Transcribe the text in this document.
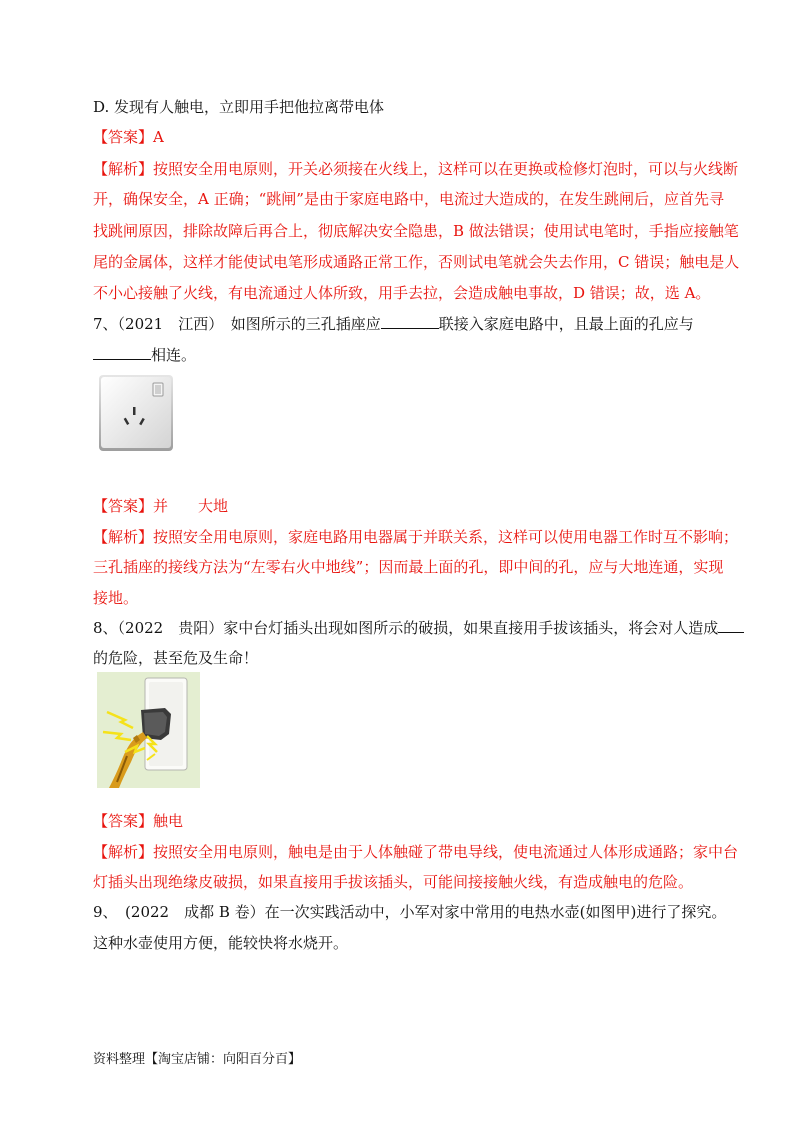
D. 发现有人触电，立即用手把他拉离带电体
【答案】A
【解析】按照安全用电原则，开关必须接在火线上，这样可以在更换或检修灯泡时，可以与火线断
开，确保安全，A 正确；“跳闸”是由于家庭电路中，电流过大造成的，在发生跳闸后，应首先寻
找跳闸原因，排除故障后再合上，彻底解决安全隐患，B 做法错误；使用试电笔时，手指应接触笔
尾的金属体，这样才能使试电笔形成通路正常工作，否则试电笔就会失去作用，C 错误；触电是人
不小心接触了火线，有电流通过人体所致，用手去拉，会造成触电事故，D 错误；故，选 A。
7、（2021　江西）　如图所示的三孔插座应	联接入家庭电路中，且最上面的孔应与
相连。
【答案】并　　大地
【解析】按照安全用电原则，家庭电路用电器属于并联关系，这样可以使用电器工作时互不影响；
三孔插座的接线方法为“左零右火中地线”；因而最上面的孔，即中间的孔，应与大地连通，实现
接地。
8、（2022　贵阳）家中台灯插头出现如图所示的破损，如果直接用手拔该插头，将会对人造成
的危险，甚至危及生命！
【答案】触电
【解析】按照安全用电原则，触电是由于人体触碰了带电导线，使电流通过人体形成通路；家中台
灯插头出现绝缘皮破损，如果直接用手拔该插头，可能间接接触火线，有造成触电的危险。
9、　(2022　成都 B 卷）在一次实践活动中，小军对家中常用的电热水壶(如图甲)进行了探究。
这种水壶使用方便，能较快将水烧开。
资料整理【淘宝店铺：向阳百分百】
